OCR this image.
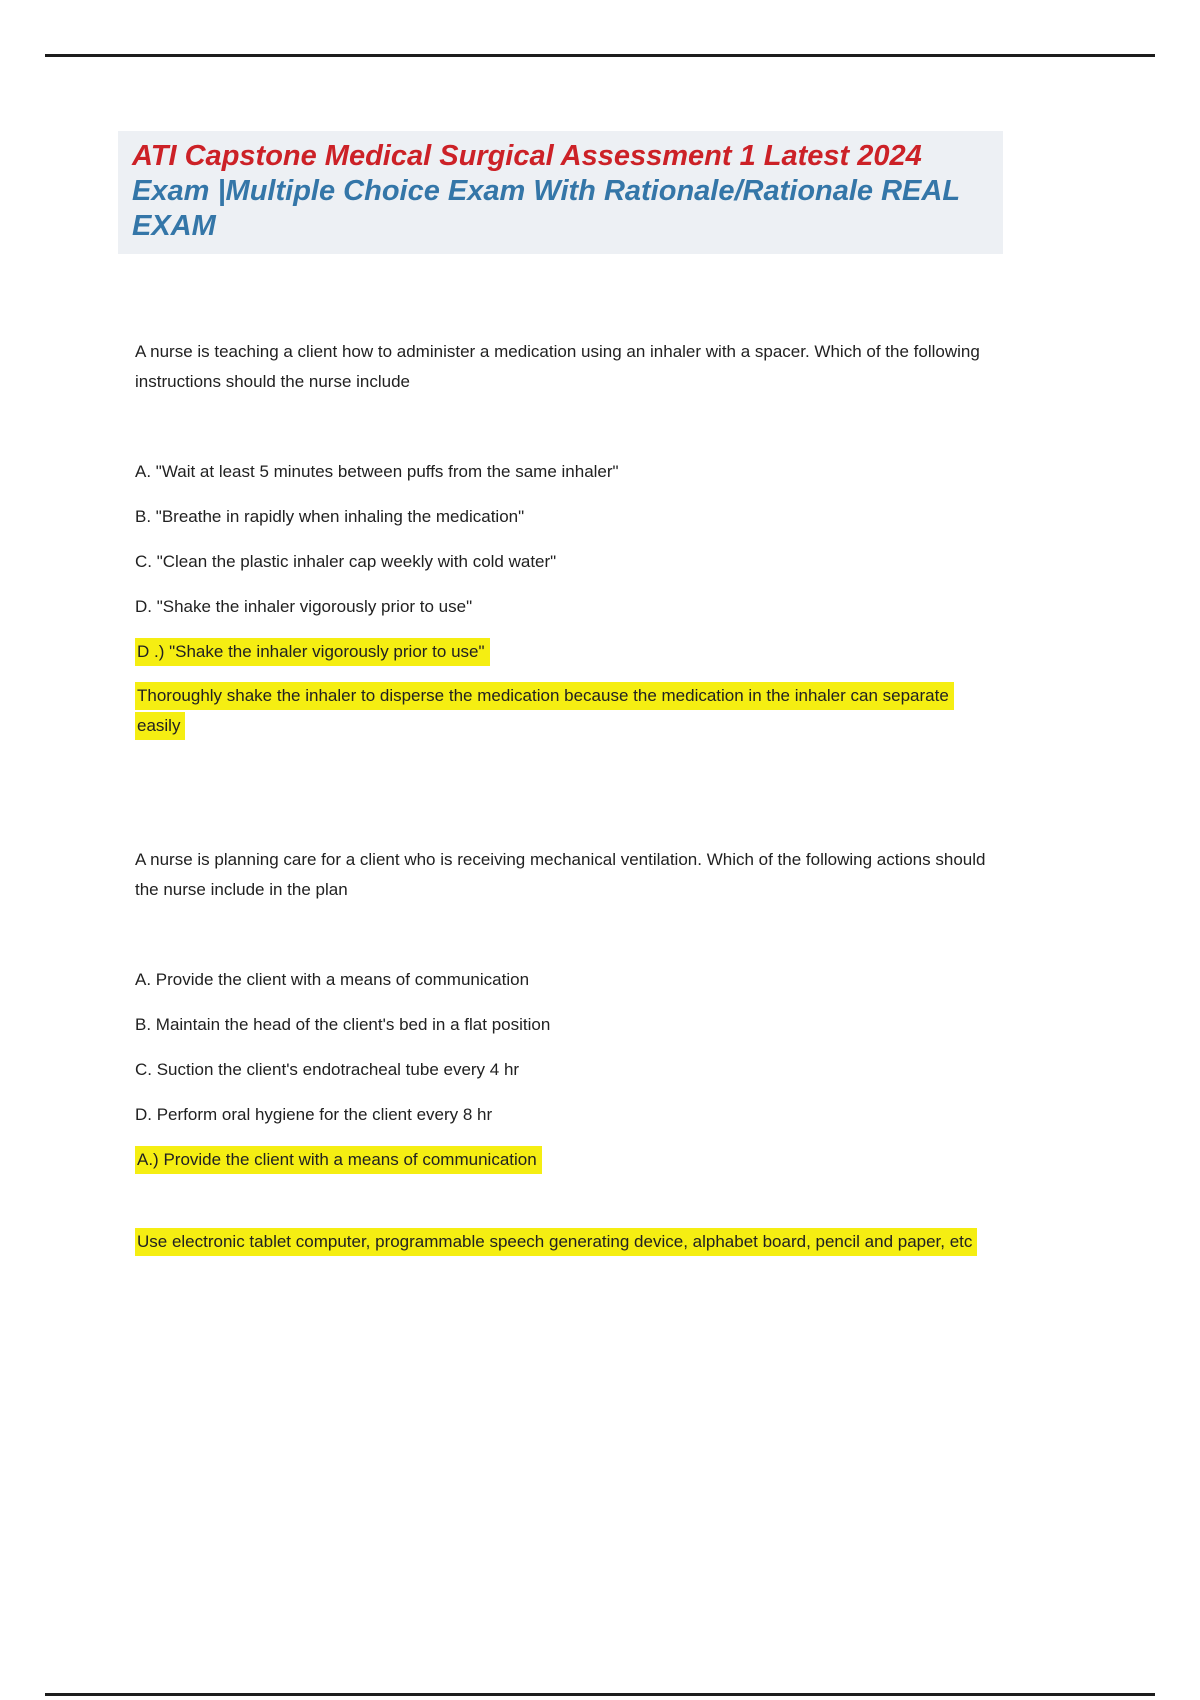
ATI Capstone Medical Surgical Assessment 1 Latest 2024 Exam |Multiple Choice Exam With Rationale/Rationale REAL EXAM

A nurse is teaching a client how to administer a medication using an inhaler with a spacer. Which of the following instructions should the nurse include

A. "Wait at least 5 minutes between puffs from the same inhaler"

B. "Breathe in rapidly when inhaling the medication"

C. "Clean the plastic inhaler cap weekly with cold water"

D. "Shake the inhaler vigorously prior to use"

D .) "Shake the inhaler vigorously prior to use"

Thoroughly shake the inhaler to disperse the medication because the medication in the inhaler can separate easily

A nurse is planning care for a client who is receiving mechanical ventilation. Which of the following actions should the nurse include in the plan

A. Provide the client with a means of communication

B. Maintain the head of the client's bed in a flat position

C. Suction the client's endotracheal tube every 4 hr

D. Perform oral hygiene for the client every 8 hr

A.) Provide the client with a means of communication

Use electronic tablet computer, programmable speech generating device, alphabet board, pencil and paper, etc
